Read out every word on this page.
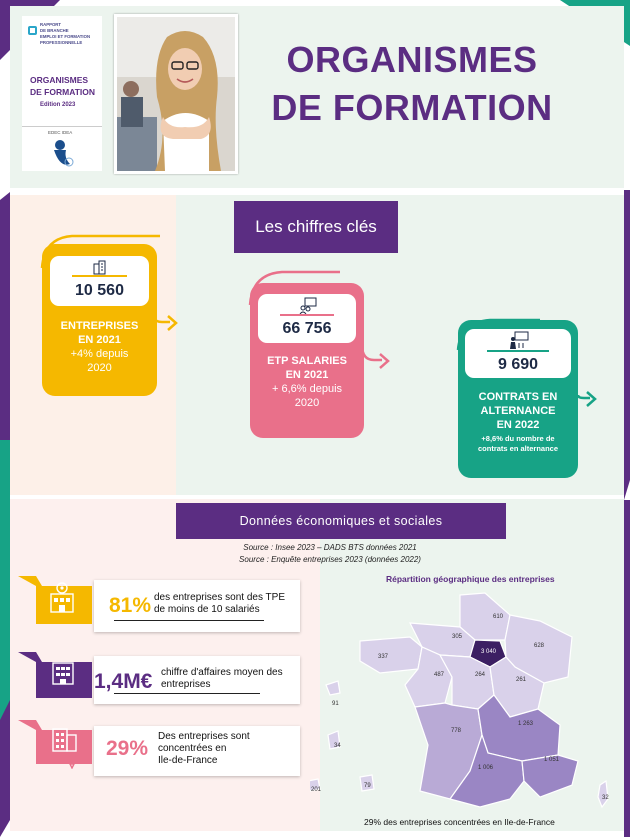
RAPPORT
DE BRANCHE
EMPLOI ET FORMATION
PROFESSIONNELLE
ORGANISMES
DE FORMATION
Edition 2023
EDEC IDEA
ORGANISMES
DE FORMATION
Les chiffres clés
10 560
ENTREPRISES
EN 2021
+4% depuis
2020
66 756
ETP SALARIES
EN 2021
+ 6,6% depuis
2020
9 690
CONTRATS EN
ALTERNANCE
EN 2022
+8,6% du nombre de
contrats en alternance
Données économiques et sociales
Source : Insee 2023 – DADS BTS données 2021
Source : Enquête entreprises 2023 (données 2022)
81% des entreprises sont des TPE
de moins de 10 salariés
1,4M€ chiffre d'affaires moyen des
entreprises
29%
Des entreprises sont
concentrées en
Ile-de-France
Répartition géographique des entreprises
610
305
3 040
628
337
487	264
261
778
1 263
1 006
1 051
91
34
201
79
32
29% des entreprises concentrées en Ile-de-France
